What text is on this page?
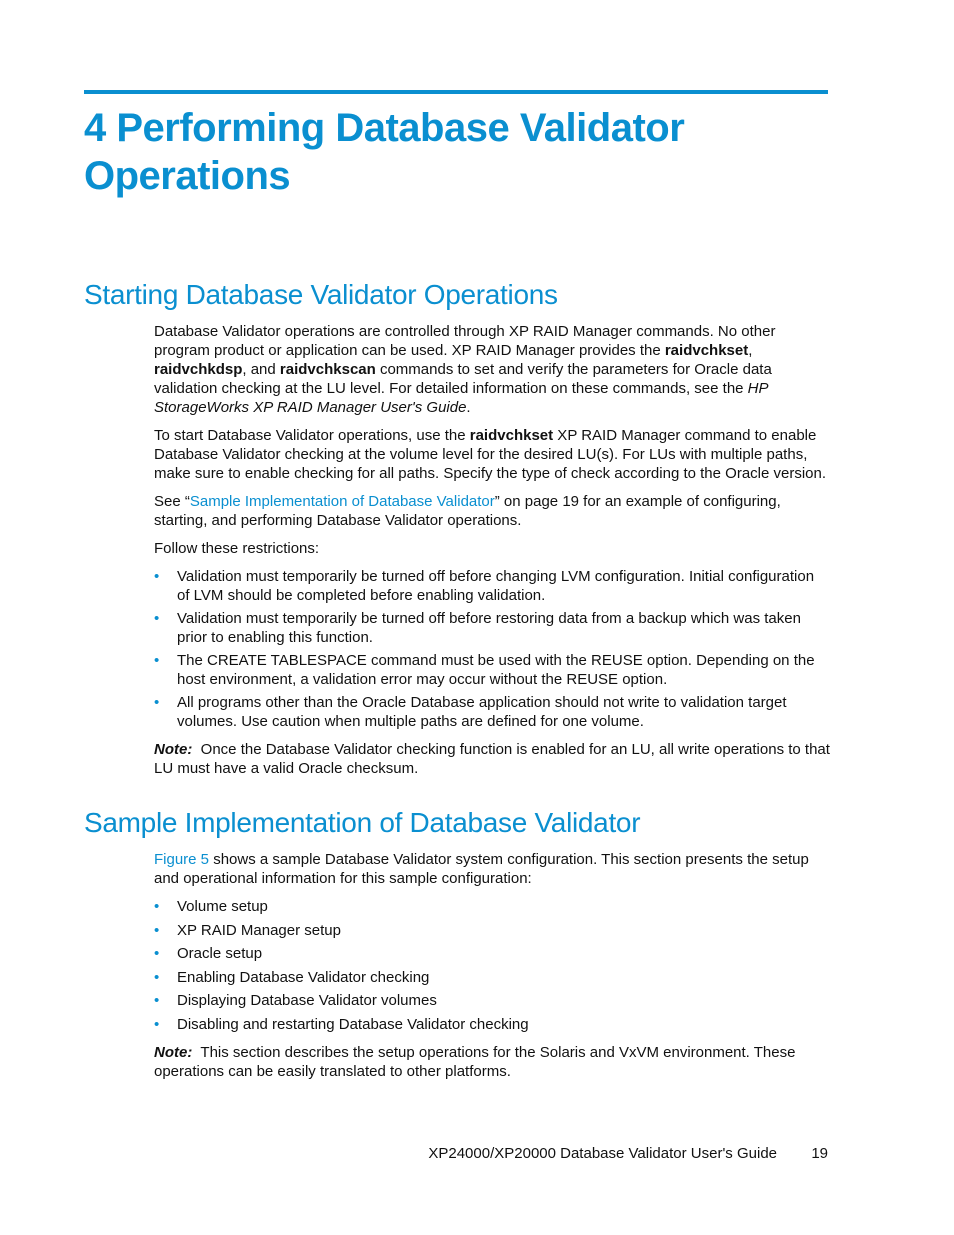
4 Performing Database Validator Operations
Starting Database Validator Operations

Database Validator operations are controlled through XP RAID Manager commands. No other program product or application can be used. XP RAID Manager provides the raidvchkset, raidvchkdsp, and raidvchkscan commands to set and verify the parameters for Oracle data validation checking at the LU level. For detailed information on these commands, see the HP StorageWorks XP RAID Manager User's Guide.

To start Database Validator operations, use the raidvchkset XP RAID Manager command to enable Database Validator checking at the volume level for the desired LU(s). For LUs with multiple paths, make sure to enable checking for all paths. Specify the type of check according to the Oracle version.

See “Sample Implementation of Database Validator” on page 19 for an example of configuring, starting, and performing Database Validator operations.

Follow these restrictions:

• Validation must temporarily be turned off before changing LVM configuration. Initial configuration of LVM should be completed before enabling validation.
• Validation must temporarily be turned off before restoring data from a backup which was taken prior to enabling this function.
• The CREATE TABLESPACE command must be used with the REUSE option. Depending on the host environment, a validation error may occur without the REUSE option.
• All programs other than the Oracle Database application should not write to validation target volumes. Use caution when multiple paths are defined for one volume.

Note: Once the Database Validator checking function is enabled for an LU, all write operations to that LU must have a valid Oracle checksum.

Sample Implementation of Database Validator

Figure 5 shows a sample Database Validator system configuration. This section presents the setup and operational information for this sample configuration:

• Volume setup
• XP RAID Manager setup
• Oracle setup
• Enabling Database Validator checking
• Displaying Database Validator volumes
• Disabling and restarting Database Validator checking

Note: This section describes the setup operations for the Solaris and VxVM environment. These operations can be easily translated to other platforms.

XP24000/XP20000 Database Validator User's Guide 19
